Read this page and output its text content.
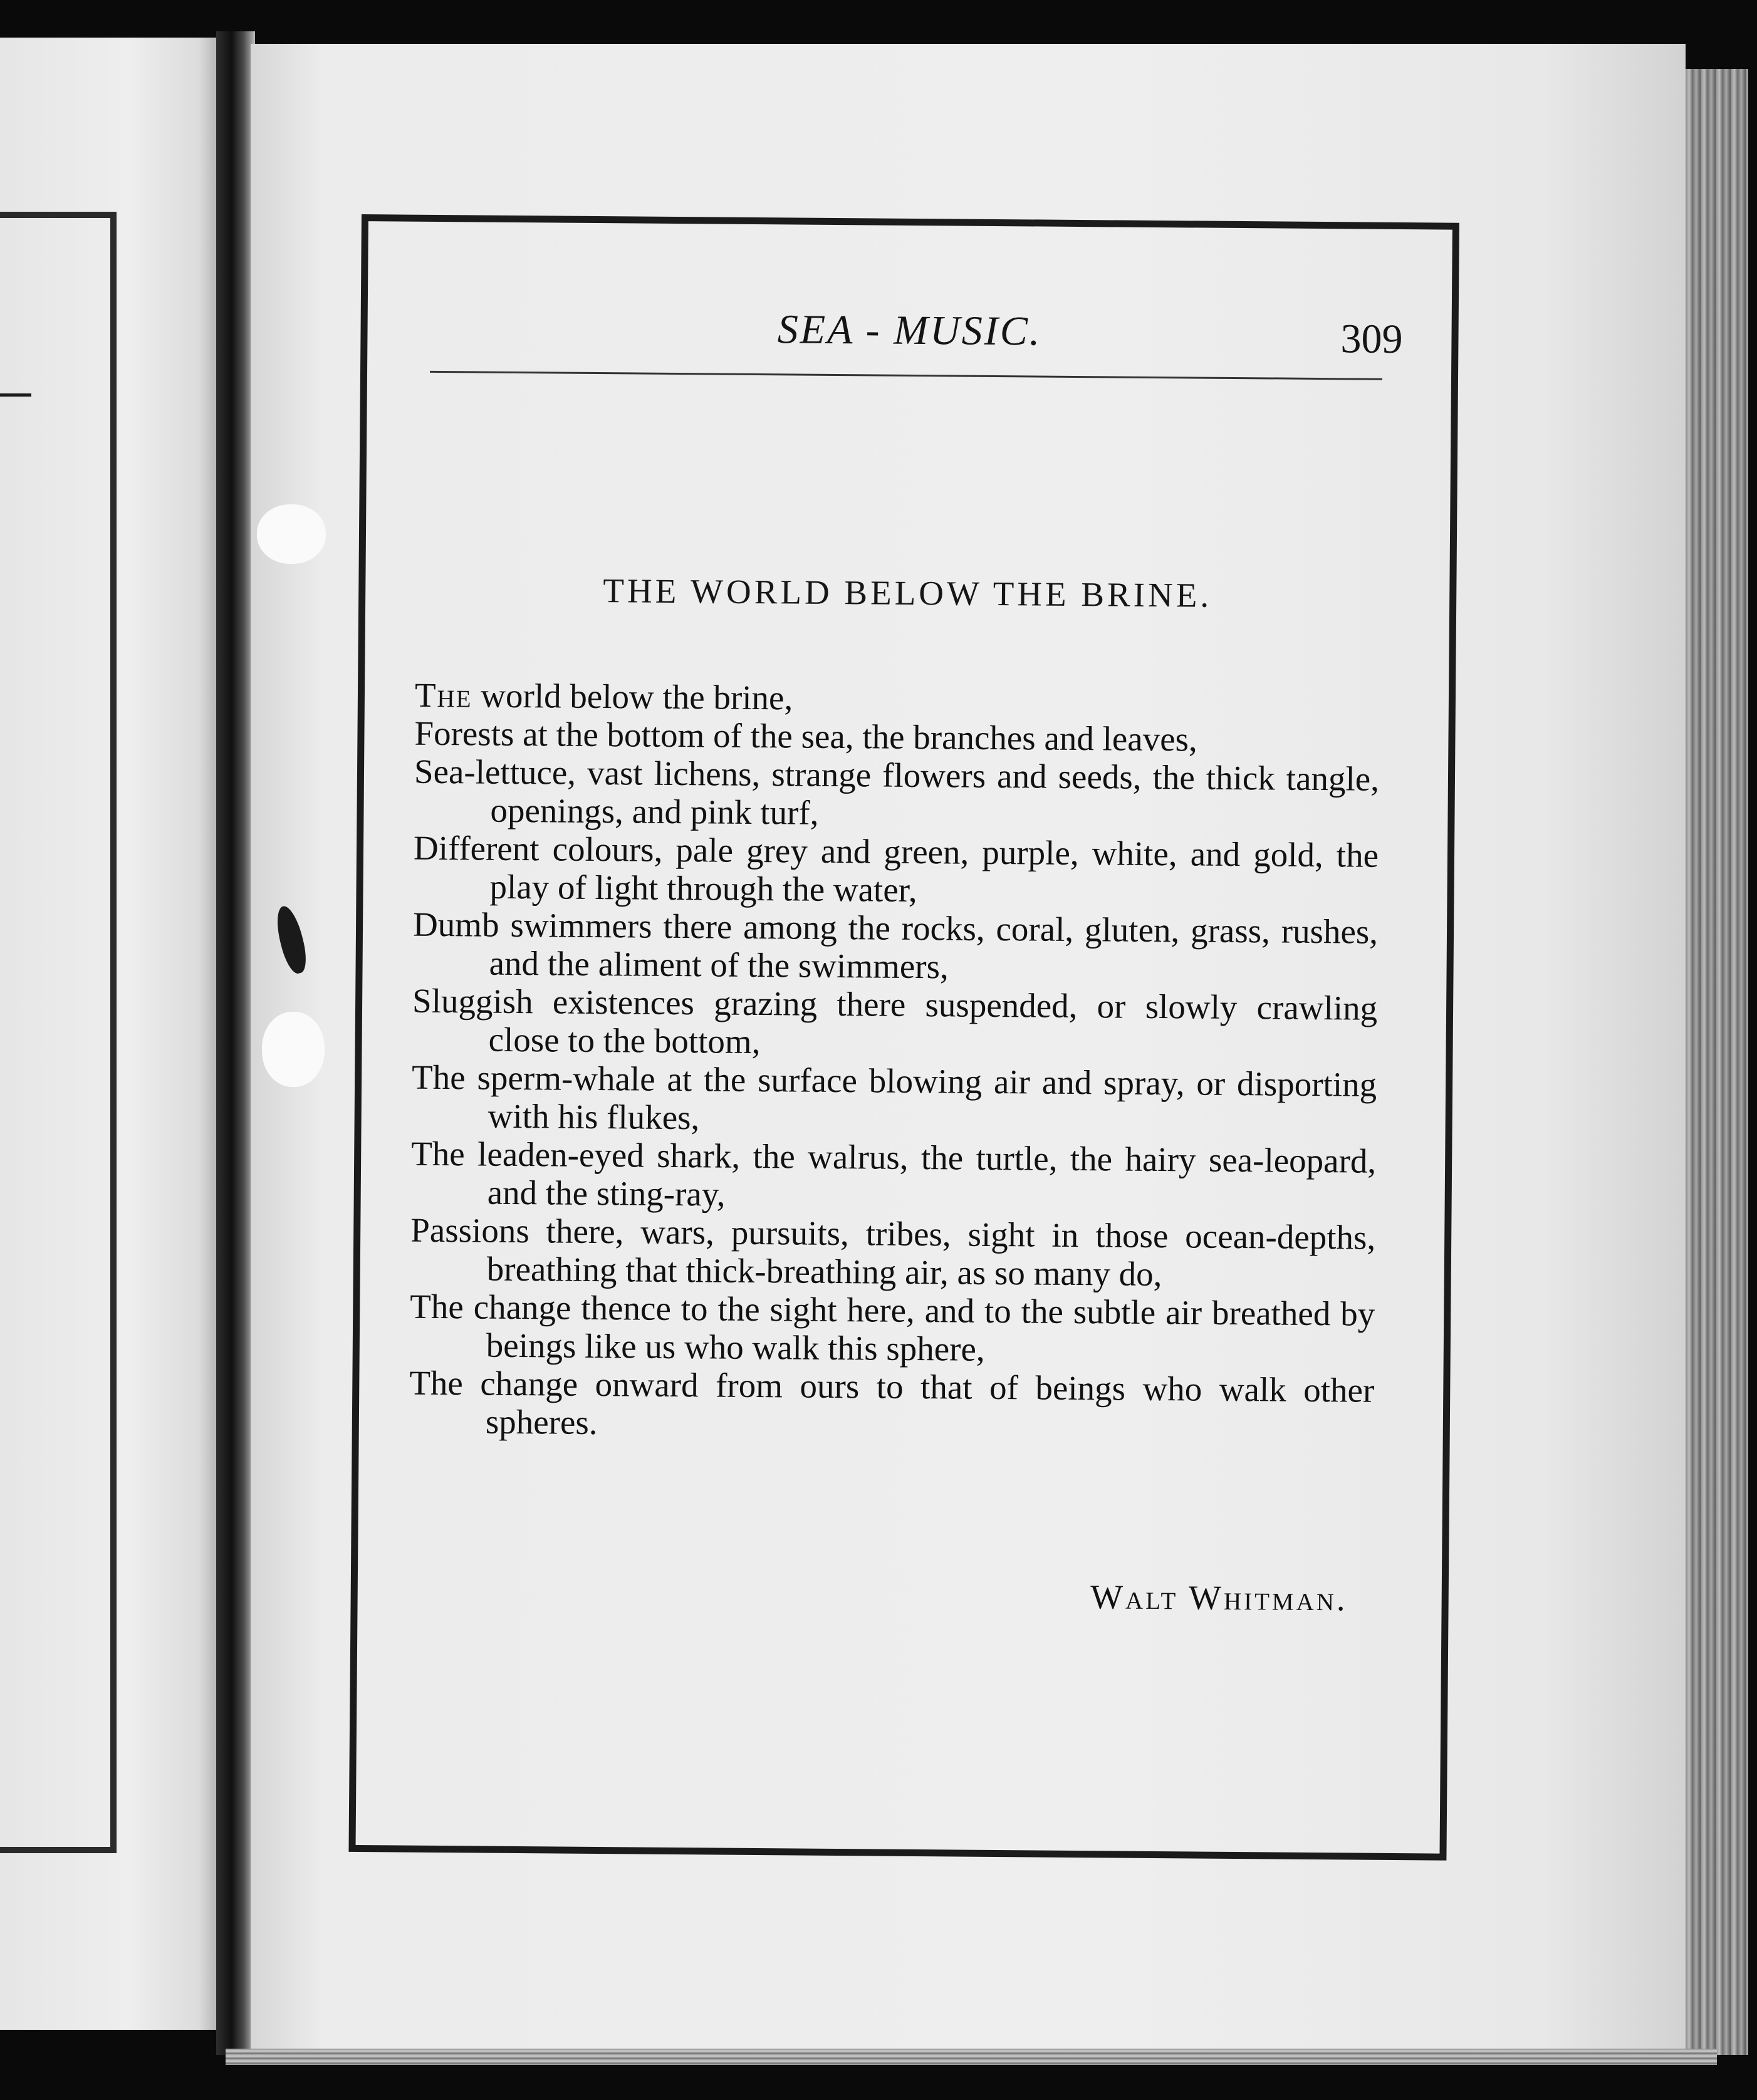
SEA - MUSIC.	309
THE WORLD BELOW THE BRINE.

The world below the brine,

Forests at the bottom of the sea, the branches and leaves,

Sea-lettuce, vast lichens, strange flowers and seeds, the thick tangle, openings, and pink turf,

Different colours, pale grey and green, purple, white, and gold, the play of light through the water,

Dumb swimmers there among the rocks, coral, gluten, grass, rushes, and the aliment of the swimmers,

Sluggish existences grazing there suspended, or slowly crawling close to the bottom,

The sperm-whale at the surface blowing air and spray, or disporting with his flukes,

The leaden-eyed shark, the walrus, the turtle, the hairy sea-leopard, and the sting-ray,

Passions there, wars, pursuits, tribes, sight in those ocean-depths, breathing that thick-breathing air, as so many do,

The change thence to the sight here, and to the subtle air breathed by beings like us who walk this sphere,

The change onward from ours to that of beings who walk other spheres.

Walt Whitman.
